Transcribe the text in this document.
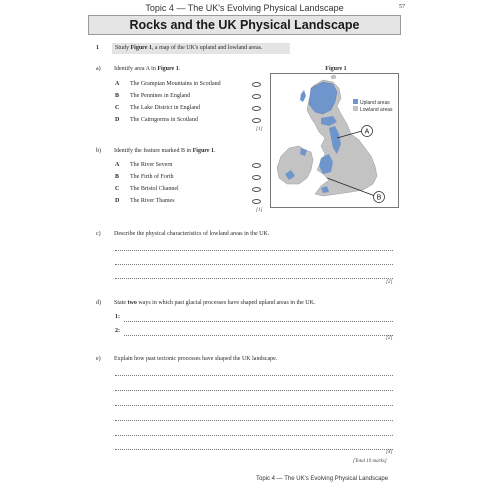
Topic 4 — The UK's Evolving Physical Landscape	57
Rocks and the UK Physical Landscape
1	Study Figure 1, a map of the UK's upland and lowland areas.
a) Identify area A in Figure 1.
A The Grampian Mountains in Scotland
B The Pennines in England
C The Lake District in England
D The Cairngorms in Scotland
[1]
b) Identify the feature marked B in Figure 1.
A The River Severn
B The Firth of Forth
C The Bristol Channel
D The River Thames
[1]
Figure 1
Upland areas
Lowland areas
A
B
c) Describe the physical characteristics of lowland areas in the UK.
[2]
d) State two ways in which past glacial processes have shaped upland areas in the UK.
1:
2:
[2]
e) Explain how past tectonic processes have shaped the UK landscape.
[4]
[Total 10 marks]
Topic 4 — The UK's Evolving Physical Landscape
